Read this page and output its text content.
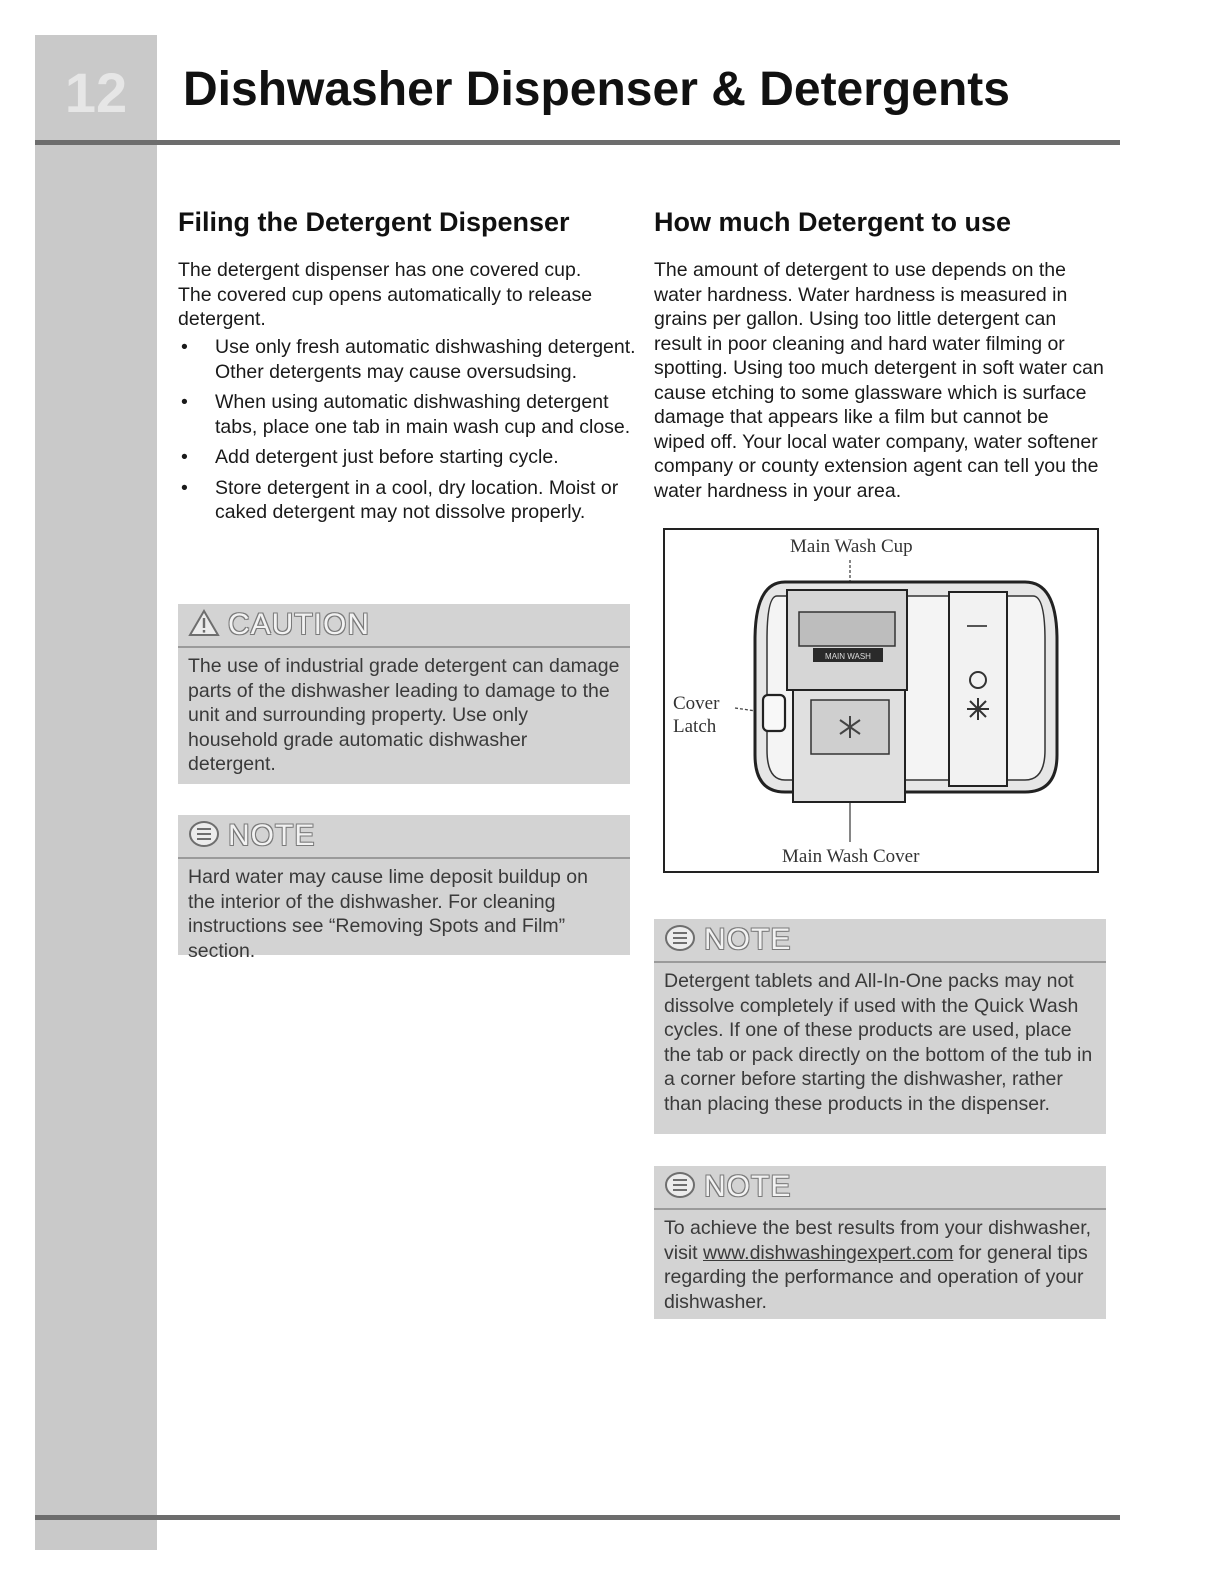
12	Dishwasher Dispenser & Detergents
Filing the Detergent Dispenser

The detergent dispenser has one covered cup. The covered cup opens automatically to release detergent.

• Use only fresh automatic dishwashing detergent. Other detergents may cause oversudsing.
• When using automatic dishwashing detergent tabs, place one tab in main wash cup and close.
• Add detergent just before starting cycle.
• Store detergent in a cool, dry location. Moist or caked detergent may not dissolve properly.
CAUTION
The use of industrial grade detergent can damage parts of the dishwasher leading to damage to the unit and surrounding property. Use only household grade automatic dishwasher detergent.
NOTE
Hard water may cause lime deposit buildup on the interior of the dishwasher. For cleaning instructions see “Removing Spots and Film” section.
How much Detergent to use

The amount of detergent to use depends on the water hardness. Water hardness is measured in grains per gallon. Using too little detergent can result in poor cleaning and hard water filming or spotting. Using too much detergent in soft water can cause etching to some glassware which is surface damage that appears like a film but cannot be wiped off. Your local water company, water softener company or county extension agent can tell you the water hardness in your area.

Main Wash Cup
Cover
Latch
Main Wash Cover
MAIN WASH
NOTE
Detergent tablets and All-In-One packs may not dissolve completely if used with the Quick Wash cycles. If one of these products are used, place the tab or pack directly on the bottom of the tub in a corner before starting the dishwasher, rather than placing these products in the dispenser.
NOTE
To achieve the best results from your dishwasher, visit www.dishwashingexpert.com for general tips regarding the performance and operation of your dishwasher.
